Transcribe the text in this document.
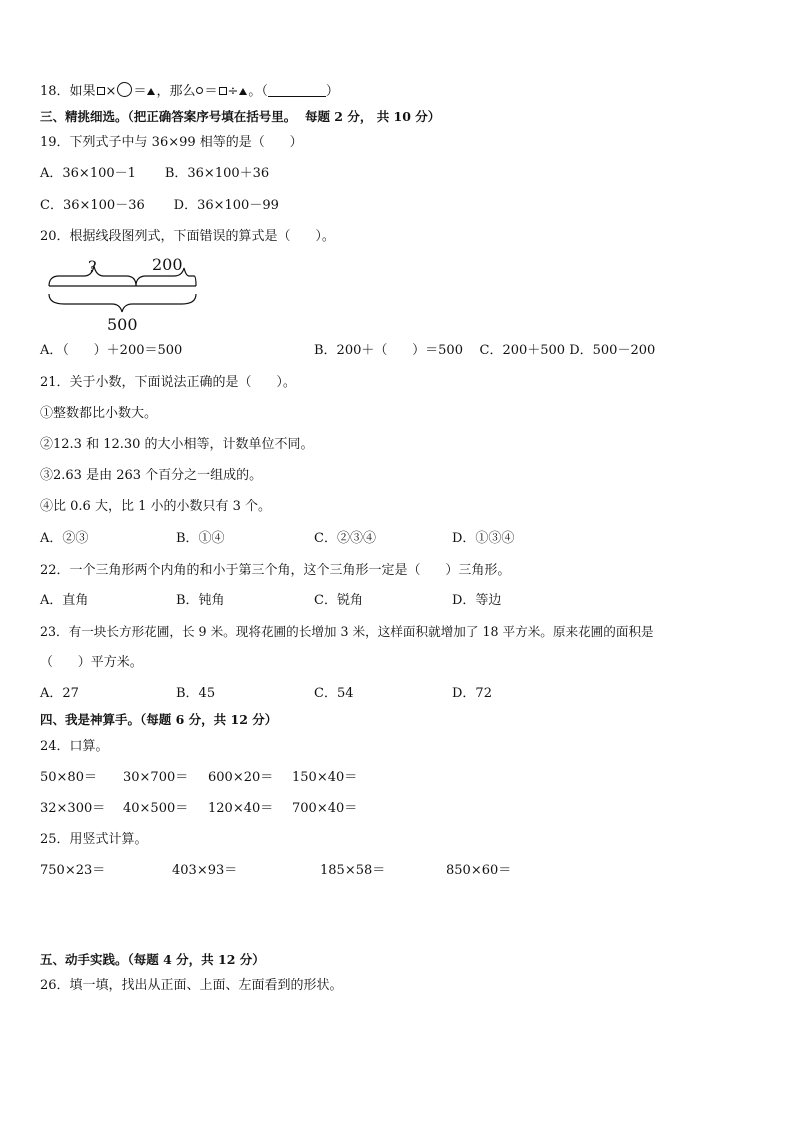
18．如果 × ＝ ，那么 ＝ ÷ 。（	）
三、精挑细选。（把正确答案序号填在括号里。  每题 2 分， 共 10 分）
19．下列式子中与 36×99 相等的是（      ）
A．36×100－1       B．36×100＋36
C．36×100－36       D．36×100－99
20．根据线段图列式，下面错误的算式是（      ）。
?	200
500
A．（      ）＋200＝500	B．200＋（      ）＝500    C．200＋500 D．500－200
21．关于小数，下面说法正确的是（      ）。
①整数都比小数大。
②12.3 和 12.30 的大小相等，计数单位不同。
③2.63 是由 263 个百分之一组成的。
④比 0.6 大，比 1 小的小数只有 3 个。
A．②③	B．①④	C．②③④	D．①③④
22．一个三角形两个内角的和小于第三个角，这个三角形一定是（      ）三角形。
A．直角	B．钝角	C．锐角	D．等边
23．有一块长方形花圃，长 9 米。现将花圃的长增加 3 米，这样面积就增加了 18 平方米。原来花圃的面积是
（      ）平方米。
A．27	B．45	C．54	D．72
四、我是神算手。（每题 6 分，共 12 分）
24．口算。
50×80＝ 30×700＝ 600×20＝ 150×40＝
32×300＝ 40×500＝ 120×40＝ 700×40＝
25．用竖式计算。
750×23＝	403×93＝	185×58＝	850×60＝
五、动手实践。（每题 4 分，共 12 分）
26．填一填，找出从正面、上面、左面看到的形状。
